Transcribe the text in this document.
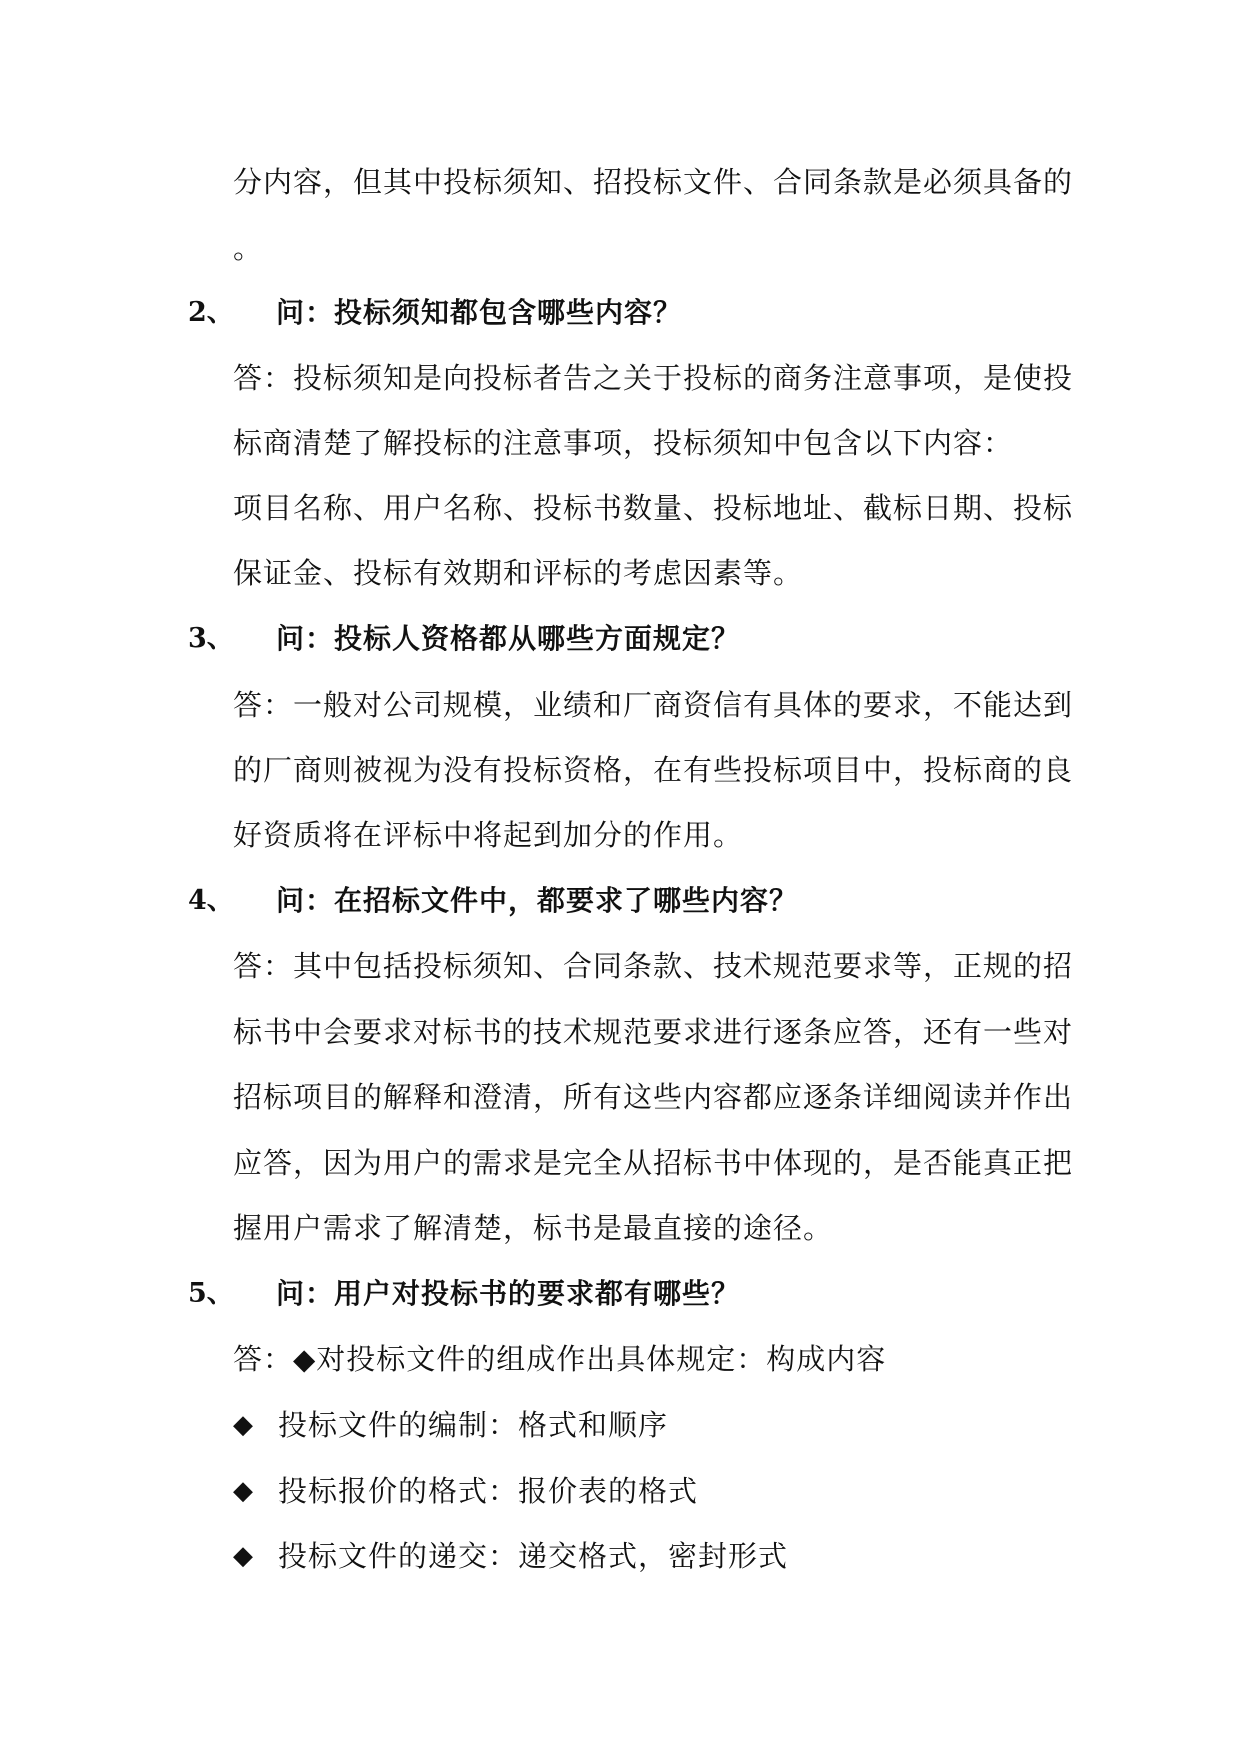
分内容，但其中投标须知、招投标文件、合同条款是必须具备的
。
2、 问：投标须知都包含哪些内容？
答：投标须知是向投标者告之关于投标的商务注意事项，是使投
标商清楚了解投标的注意事项，投标须知中包含以下内容：
项目名称、用户名称、投标书数量、投标地址、截标日期、投标
保证金、投标有效期和评标的考虑因素等。
3、 问：投标人资格都从哪些方面规定？
答：一般对公司规模，业绩和厂商资信有具体的要求，不能达到
的厂商则被视为没有投标资格，在有些投标项目中，投标商的良
好资质将在评标中将起到加分的作用。
4、 问：在招标文件中，都要求了哪些内容？
答：其中包括投标须知、合同条款、技术规范要求等，正规的招
标书中会要求对标书的技术规范要求进行逐条应答，还有一些对
招标项目的解释和澄清，所有这些内容都应逐条详细阅读并作出
应答，因为用户的需求是完全从招标书中体现的，是否能真正把
握用户需求了解清楚，标书是最直接的途径。
5、 问：用户对投标书的要求都有哪些？
答：◆对投标文件的组成作出具体规定：构成内容
◆ 投标文件的编制：格式和顺序
◆ 投标报价的格式：报价表的格式
◆ 投标文件的递交：递交格式，密封形式
